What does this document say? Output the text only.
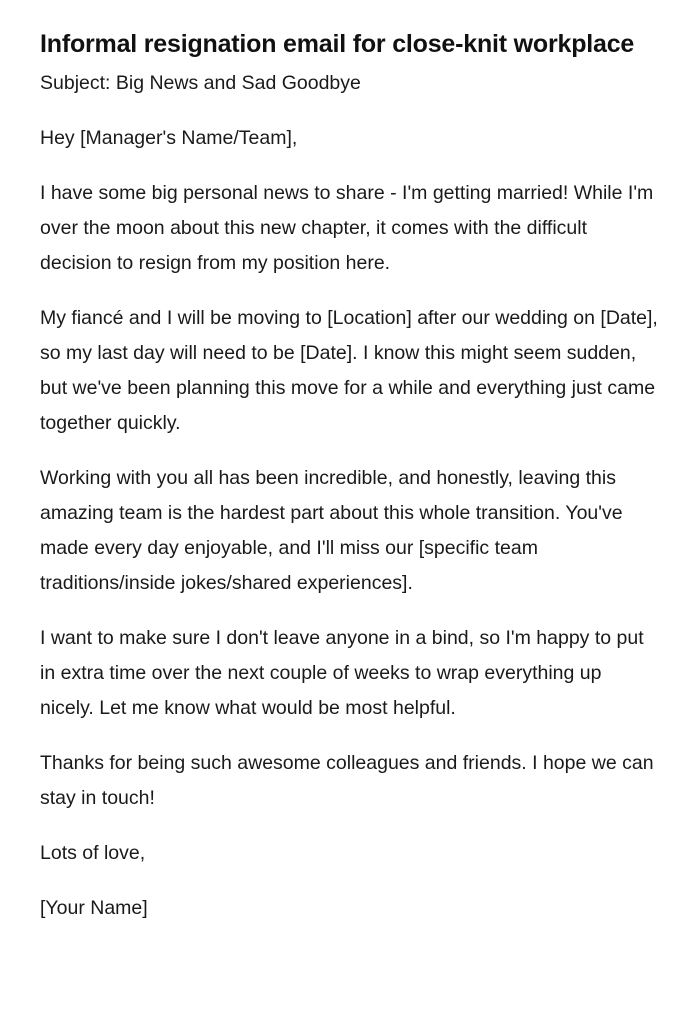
Informal resignation email for close-knit workplace

Subject: Big News and Sad Goodbye

Hey [Manager's Name/Team],

I have some big personal news to share - I'm getting married! While I'm over the moon about this new chapter, it comes with the difficult decision to resign from my position here.

My fiancé and I will be moving to [Location] after our wedding on [Date], so my last day will need to be [Date]. I know this might seem sudden, but we've been planning this move for a while and everything just came together quickly.

Working with you all has been incredible, and honestly, leaving this amazing team is the hardest part about this whole transition. You've made every day enjoyable, and I'll miss our [specific team traditions/inside jokes/shared experiences].

I want to make sure I don't leave anyone in a bind, so I'm happy to put in extra time over the next couple of weeks to wrap everything up nicely. Let me know what would be most helpful.

Thanks for being such awesome colleagues and friends. I hope we can stay in touch!

Lots of love,

[Your Name]
